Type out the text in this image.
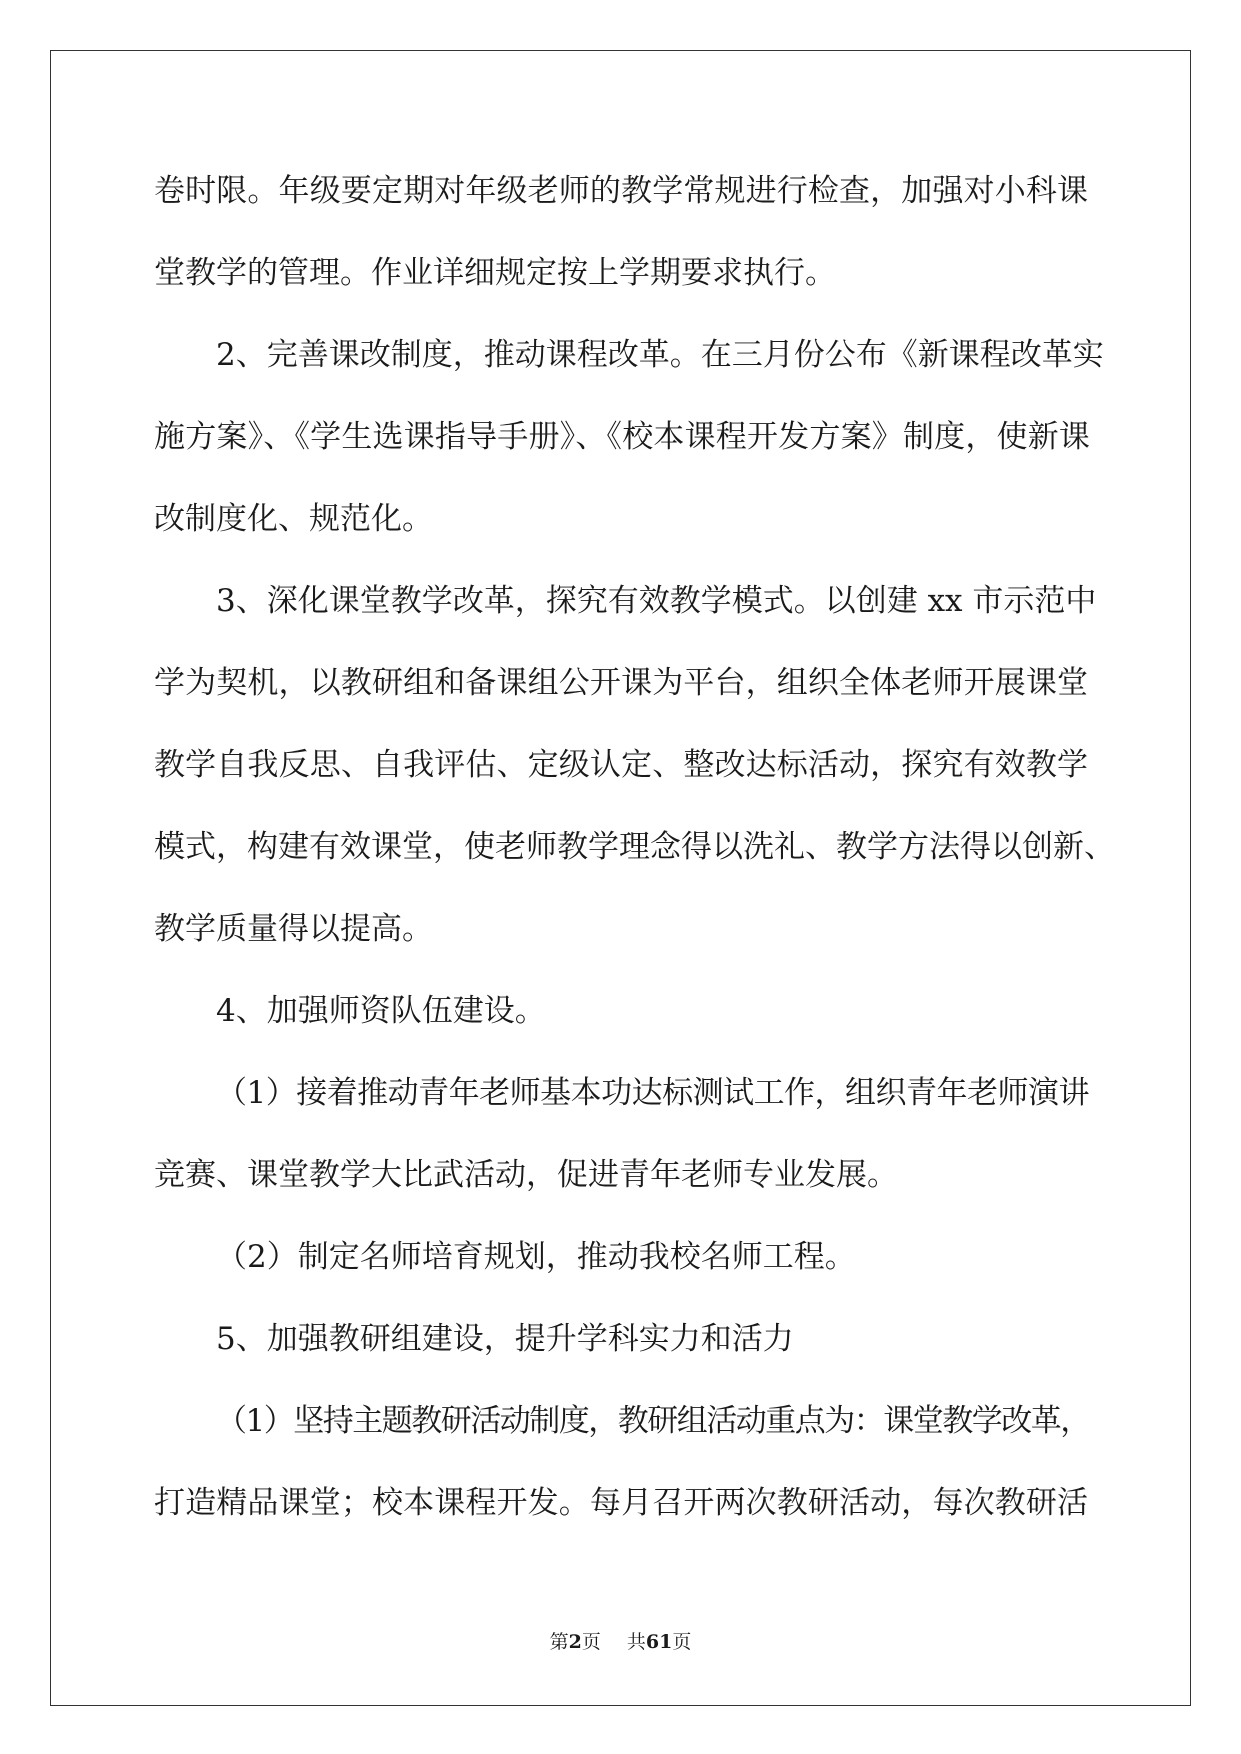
卷时限。年级要定期对年级老师的教学常规进行检查，加强对小科课
堂教学的管理。作业详细规定按上学期要求执行。
2、完善课改制度，推动课程改革。在三月份公布《新课程改革实
施方案》、《学生选课指导手册》、《校本课程开发方案》制度，使新课
改制度化、规范化。
3、深化课堂教学改革，探究有效教学模式。以创建 xx 市示范中
学为契机，以教研组和备课组公开课为平台，组织全体老师开展课堂
教学自我反思、自我评估、定级认定、整改达标活动，探究有效教学
模式，构建有效课堂，使老师教学理念得以洗礼、教学方法得以创新、
教学质量得以提高。
4、加强师资队伍建设。
（1）接着推动青年老师基本功达标测试工作，组织青年老师演讲
竞赛、课堂教学大比武活动，促进青年老师专业发展。
（2）制定名师培育规划，推动我校名师工程。
5、加强教研组建设，提升学科实力和活力
（1）坚持主题教研活动制度，教研组活动重点为：课堂教学改革，
打造精品课堂；校本课程开发。每月召开两次教研活动，每次教研活
第2页 共61页
